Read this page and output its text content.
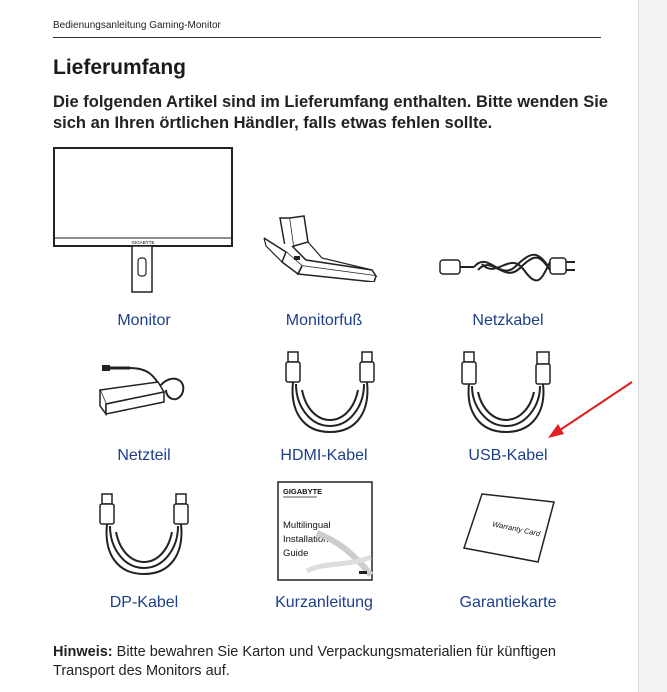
Bedienungsanleitung Gaming-Monitor
Lieferumfang

Die folgenden Artikel sind im Lieferumfang enthalten. Bitte wenden Sie sich an Ihren örtlichen Händler, falls etwas fehlen sollte.

GIGABYTE
Monitor	Monitorfuß	Netzkabel
Netzteil	HDMI-Kabel	USB-Kabel
DP-Kabel
GIGABYTE
Multilingual
Installation
Guide
Kurzanleitung
Warranty Card
Garantiekarte

Hinweis: Bitte bewahren Sie Karton und Verpackungsmaterialien für künftigen Transport des Monitors auf.
